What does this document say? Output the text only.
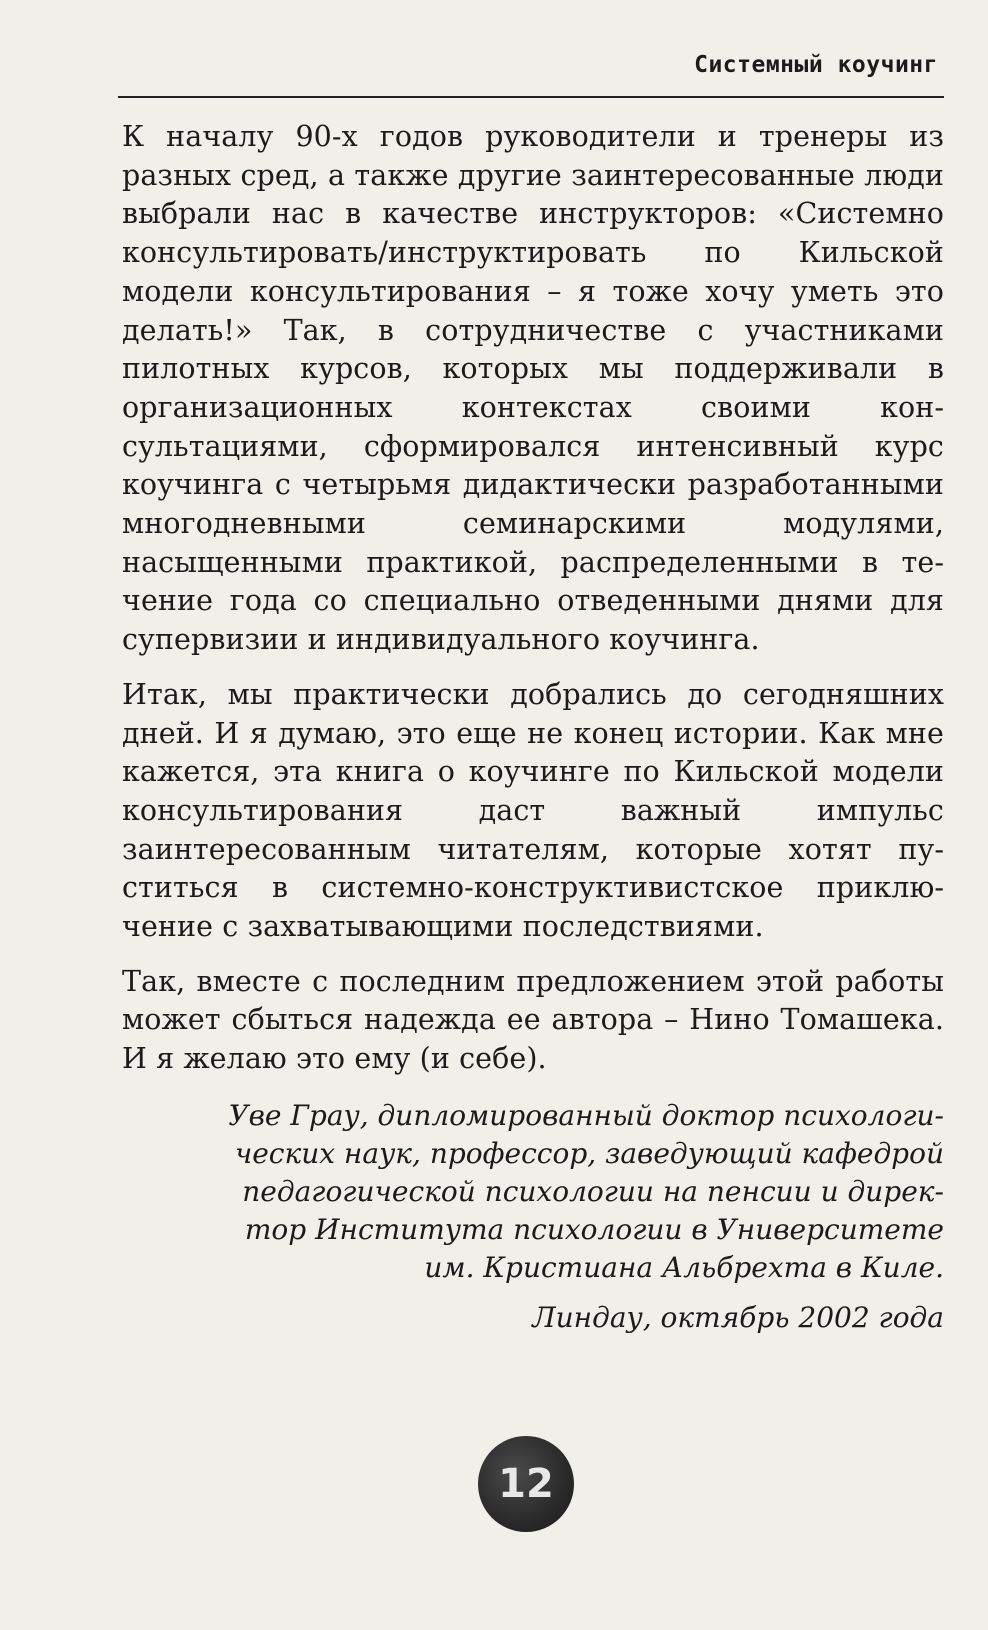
Системный коучинг

К началу 90-х годов руководители и тренеры из разных сред, а также другие заинтересованные люди выбрали нас в качестве инструкторов: «Системно консультировать/инструктировать по Кильской модели консультирования – я тоже хочу уметь это делать!» Так, в сотрудничестве с участниками пилотных курсов, которых мы поддерживали в организационных контекстах своими консультациями, сформировался интенсивный курс коучинга с четырьмя дидактически разработанными многодневными семинарскими модулями, насыщенными практикой, распределенными в течение года со специально отведенными днями для супервизии и индивидуального коучинга.

Итак, мы практически добрались до сегодняшних дней. И я думаю, это еще не конец истории. Как мне кажется, эта книга о коучинге по Кильской модели консультирования даст важный импульс заинтересованным читателям, которые хотят пуститься в системно-конструктивистское приключение с захватывающими последствиями.

Так, вместе с последним предложением этой работы может сбыться надежда ее автора – Нино Томашека. И я желаю это ему (и себе).

Уве Грау, дипломированный доктор психологи-
ческих наук, профессор, заведующий кафедрой
педагогической психологии на пенсии и дирек-
тор Института психологии в Университете
им. Кристиана Альбрехта в Киле.
Линдау, октябрь 2002 года
12
